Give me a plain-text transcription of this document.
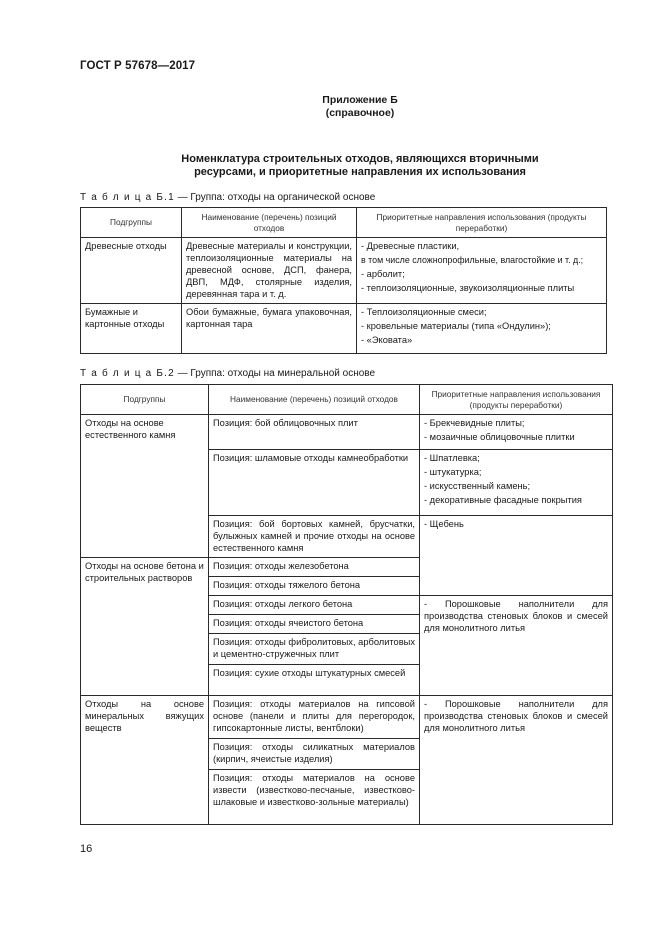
ГОСТ Р 57678—2017
Приложение Б
(справочное)
Номенклатура строительных отходов, являющихся вторичными
ресурсами, и приоритетные направления их использования
Т а б л и ц а Б.1 — Группа: отходы на органической основе
Подгруппы	Наименование (перечень) позиций отходов	Приоритетные направления использования (продукты переработки)
Древесные отходы	Древесные материалы и конструкции, теплоизоляционные материалы на древесной основе, ДСП, фанера, ДВП, МДФ, столярные изделия, деревянная тара и т. д.	- Древесные пластики,
в том числе сложнопрофильные, влагостойкие и т. д.;
- арболит;
- теплоизоляционные, звукоизоляционные плиты

Бумажные и картонные отходы	Обои бумажные, бумага упаковочная, картонная тара	- Теплоизоляционные смеси;
- кровельные материалы (типа «Ондулин»);
- «Эковата»
Т а б л и ц а Б.2 — Группа: отходы на минеральной основе
Подгруппы	Наименование (перечень) позиций отходов	Приоритетные направления использования (продукты переработки)
Отходы на основе естественного камня	Позиция: бой облицовочных плит	- Брекчевидные плиты;
- мозаичные облицовочные плитки

	Позиция: шламовые отходы камнеобработки	- Шпатлевка;
- штукатурка;
- искусственный камень;
- декоративные фасадные покрытия

	Позиция: бой бортовых камней, брусчатки, булыжных камней и прочие отходы на основе естественного камня	- Щебень

Отходы на основе бетона и строительных растворов	Позиция: отходы железобетона	
	Позиция: отходы тяжелого бетона	
	Позиция: отходы легкого бетона	- Порошковые наполнители для производства стеновых блоков и смесей для монолитного литья
	Позиция: отходы ячеистого бетона	
	Позиция: отходы фибролитовых, арболитовых и цементно-стружечных плит	
	Позиция: сухие отходы штукатурных смесей	
Отходы на основе минеральных вяжущих веществ	Позиция: отходы материалов на гипсовой основе (панели и плиты для перегородок, гипсокартонные листы, вентблоки)	- Порошковые наполнители для производства стеновых блоков и смесей для монолитного литья
	Позиция: отходы силикатных материалов (кирпич, ячеистые изделия)	
	Позиция: отходы материалов на основе извести (известково-песчаные, известково-шлаковые и известково-зольные материалы)	
16
